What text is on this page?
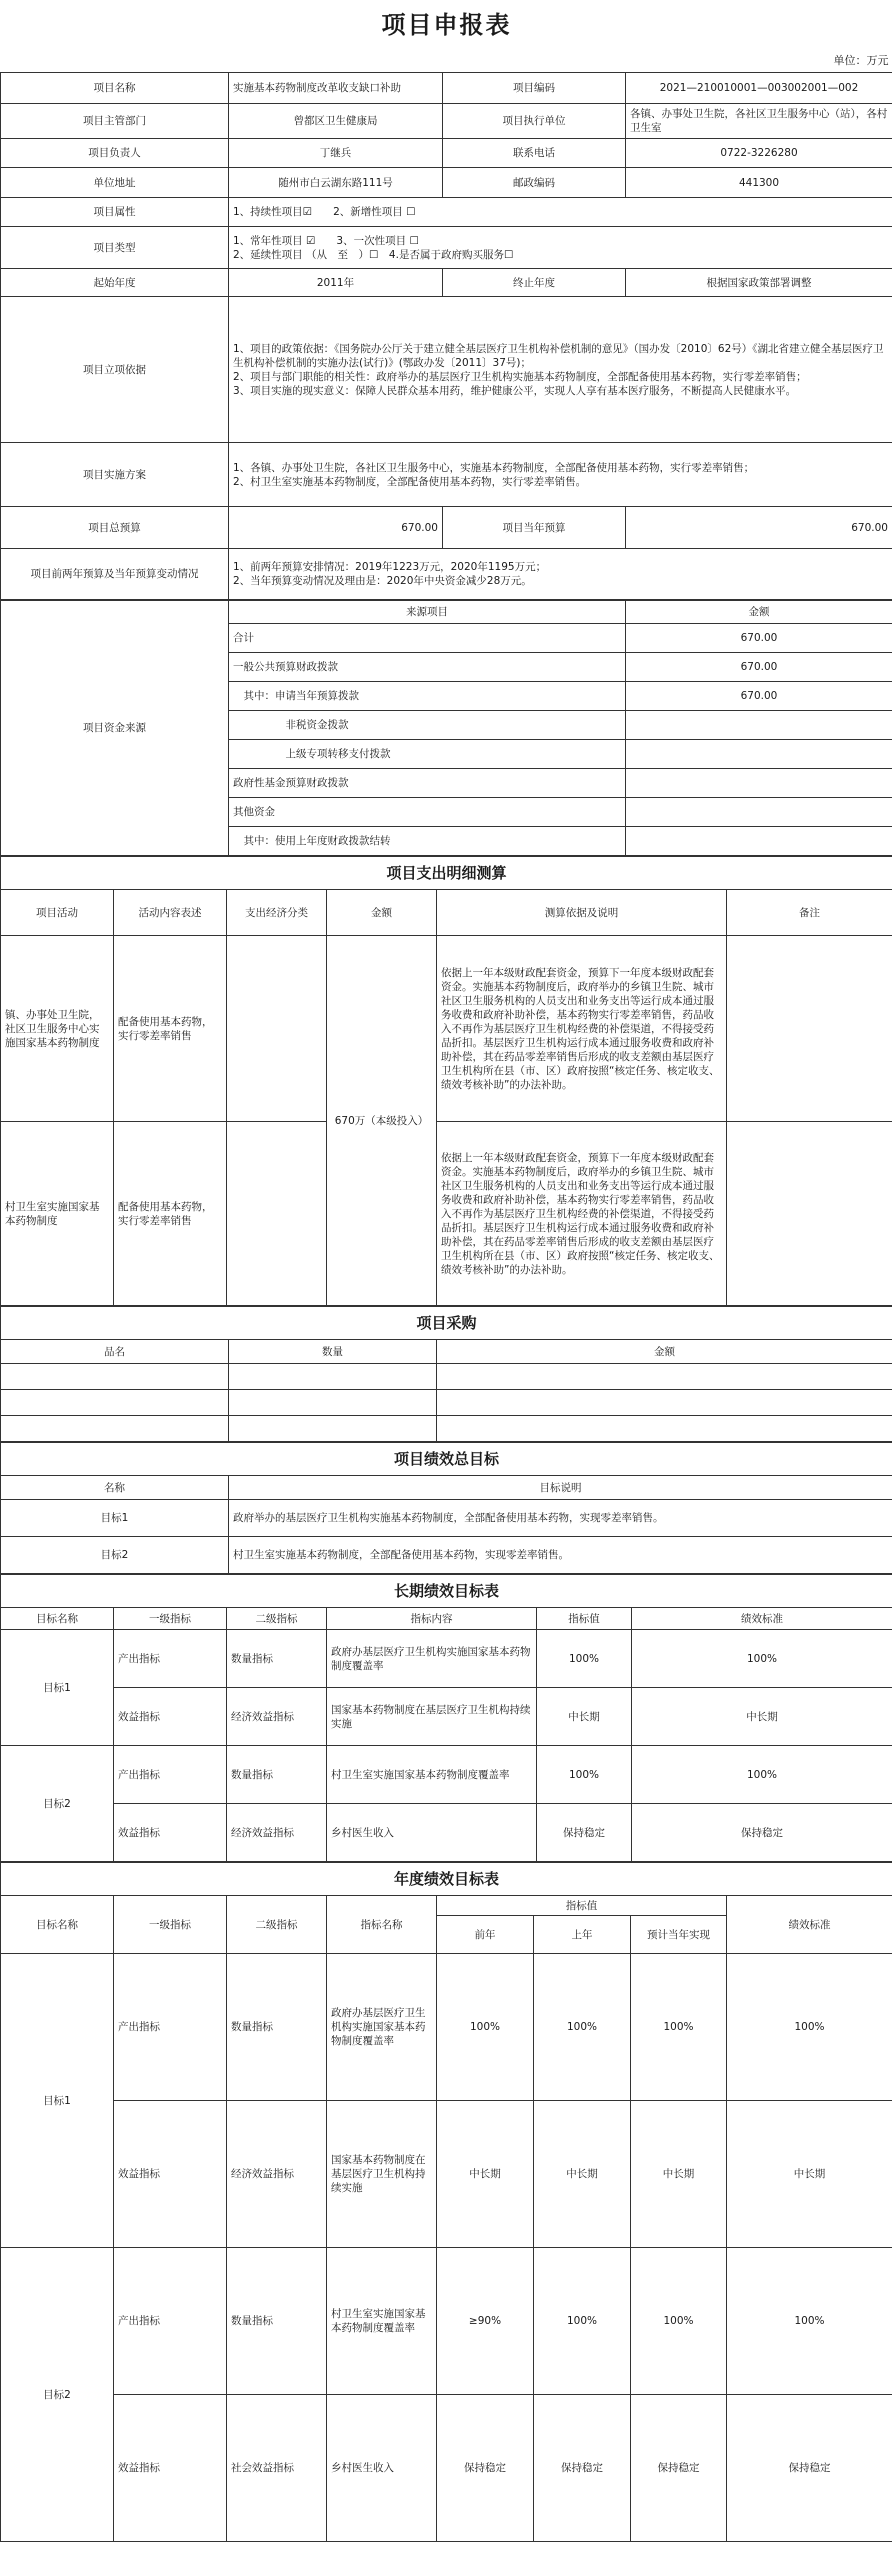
项目申报表			
单位：万元			
项目名称	实施基本药物制度改革收支缺口补助	项目编码	2021—210010001—003002001—002
项目主管部门	曾都区卫生健康局	项目执行单位	各镇、办事处卫生院，各社区卫生服务中心（站），各村卫生室
项目负责人	丁继兵	联系电话	0722-3226280
单位地址	随州市白云湖东路111号	邮政编码	441300
项目属性	1、持续性项目☑　　2、新增性项目 ☐		
项目类型	1、常年性项目 ☑　　3、一次性项目 ☐
2、延续性项目 （从　至　）☐　4.是否属于政府购买服务☐		
起始年度	2011年	终止年度	根据国家政策部署调整
项目立项依据	1、项目的政策依据：《国务院办公厅关于建立健全基层医疗卫生机构补偿机制的意见》（国办发〔2010〕62号）《湖北省建立健全基层医疗卫生机构补偿机制的实施办法(试行)》(鄂政办发〔2011〕37号)；
2、项目与部门职能的相关性：政府举办的基层医疗卫生机构实施基本药物制度，全部配备使用基本药物，实行零差率销售；
3、项目实施的现实意义：保障人民群众基本用药，维护健康公平，实现人人享有基本医疗服务，不断提高人民健康水平。		
项目实施方案	1、各镇、办事处卫生院，各社区卫生服务中心，实施基本药物制度，全部配备使用基本药物，实行零差率销售；
2、村卫生室实施基本药物制度，全部配备使用基本药物，实行零差率销售。		
项目总预算	670.00	项目当年预算	670.00
项目前两年预算及当年预算变动情况	1、前两年预算安排情况：2019年1223万元，2020年1195万元；
2、当年预算变动情况及理由是：2020年中央资金减少28万元。		
项目资金来源	来源项目	金额
	合计	670.00
	一般公共预算财政拨款	670.00
	　其中：申请当年预算拨款	670.00
	　　　　　非税资金拨款	
	　　　　　上级专项转移支付拨款	
	政府性基金预算财政拨款	
	其他资金	
	　其中：使用上年度财政拨款结转	
项目支出明细测算					
项目活动	活动内容表述	支出经济分类	金额	测算依据及说明	备注
镇、办事处卫生院，社区卫生服务中心实施国家基本药物制度	配备使用基本药物，实行零差率销售		670万（本级投入）	依据上一年本级财政配套资金，预算下一年度本级财政配套资金。实施基本药物制度后，政府举办的乡镇卫生院、城市社区卫生服务机构的人员支出和业务支出等运行成本通过服务收费和政府补助补偿，基本药物实行零差率销售，药品收入不再作为基层医疗卫生机构经费的补偿渠道，不得接受药品折扣。基层医疗卫生机构运行成本通过服务收费和政府补助补偿，其在药品零差率销售后形成的收支差额由基层医疗卫生机构所在县（市、区）政府按照“核定任务、核定收支、绩效考核补助”的办法补助。	
村卫生室实施国家基本药物制度	配备使用基本药物，实行零差率销售			依据上一年本级财政配套资金，预算下一年度本级财政配套资金。实施基本药物制度后，政府举办的乡镇卫生院、城市社区卫生服务机构的人员支出和业务支出等运行成本通过服务收费和政府补助补偿，基本药物实行零差率销售，药品收入不再作为基层医疗卫生机构经费的补偿渠道，不得接受药品折扣。基层医疗卫生机构运行成本通过服务收费和政府补助补偿，其在药品零差率销售后形成的收支差额由基层医疗卫生机构所在县（市、区）政府按照“核定任务、核定收支、绩效考核补助”的办法补助。	
项目采购		
品名	数量	金额

项目绩效总目标	
名称	目标说明
目标1	政府举办的基层医疗卫生机构实施基本药物制度，全部配备使用基本药物，实现零差率销售。
目标2	村卫生室实施基本药物制度，全部配备使用基本药物，实现零差率销售。
长期绩效目标表					
目标名称	一级指标	二级指标	指标内容	指标值	绩效标准
目标1	产出指标	数量指标	政府办基层医疗卫生机构实施国家基本药物制度覆盖率	100%	100%
	效益指标	经济效益指标	国家基本药物制度在基层医疗卫生机构持续实施	中长期	中长期
目标2	产出指标	数量指标	村卫生室实施国家基本药物制度覆盖率	100%	100%
	效益指标	经济效益指标	乡村医生收入	保持稳定	保持稳定
年度绩效目标表							
目标名称	一级指标	二级指标	指标名称	指标值			绩效标准
				前年	上年	预计当年实现	
目标1	产出指标	数量指标	政府办基层医疗卫生机构实施国家基本药物制度覆盖率	100%	100%	100%	100%
	效益指标	经济效益指标	国家基本药物制度在基层医疗卫生机构持续实施	中长期	中长期	中长期	中长期
目标2	产出指标	数量指标	村卫生室实施国家基本药物制度覆盖率	≥90%	100%	100%	100%
	效益指标	社会效益指标	乡村医生收入	保持稳定	保持稳定	保持稳定	保持稳定
